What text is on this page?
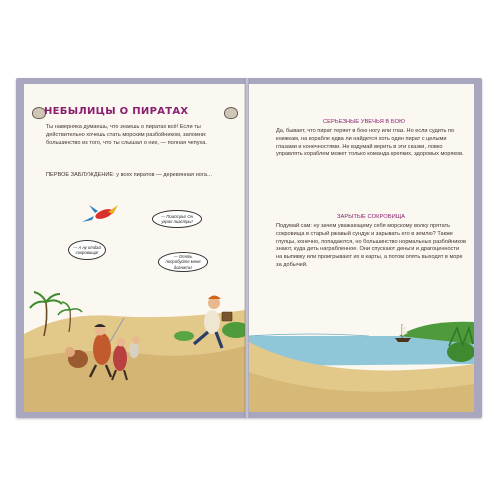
НЕБЫЛИЦЫ О ПИРАТАХ
Ты наверняка думаешь, что знаешь о пиратах всё! Если ты действительно хочешь стать морским разбойником, запомни: большинство из того, что ты слышал о них, — полная чепуха.
ПЕРВОЕ ЗАБЛУЖДЕНИЕ: у всех пиратов — деревянная нога…
— Пиастры! Он украл пиастры!
— А ну отдай сокровища!
— Опять попробуйте меня догнать!
СЕРЬЕЗНЫЕ УВЕЧЬЯ В БОЮ
Да, бывает, что пират теряет в бою ногу или глаз. Но если судить по книжкам, на корабле едва ли найдется хоть один пират с целыми глазами и конечностями. Не вздумай верить в эти сказки, ловко управлять кораблем может только команда крепких, здоровых моряков.
ЗАРЫТЫЕ СОКРОВИЩА
Подумай сам: ну зачем уважающему себя морскому волку прятать сокровища в старый ржавый сундук и зарывать его в землю? Также глупцы, конечно, попадаются, но большинство нормальных разбойников знают, куда деть награбленное. Они спускают деньги и драгоценности на выпивку или проигрывают их в карты, а потом опять выходят в море за добычей.
